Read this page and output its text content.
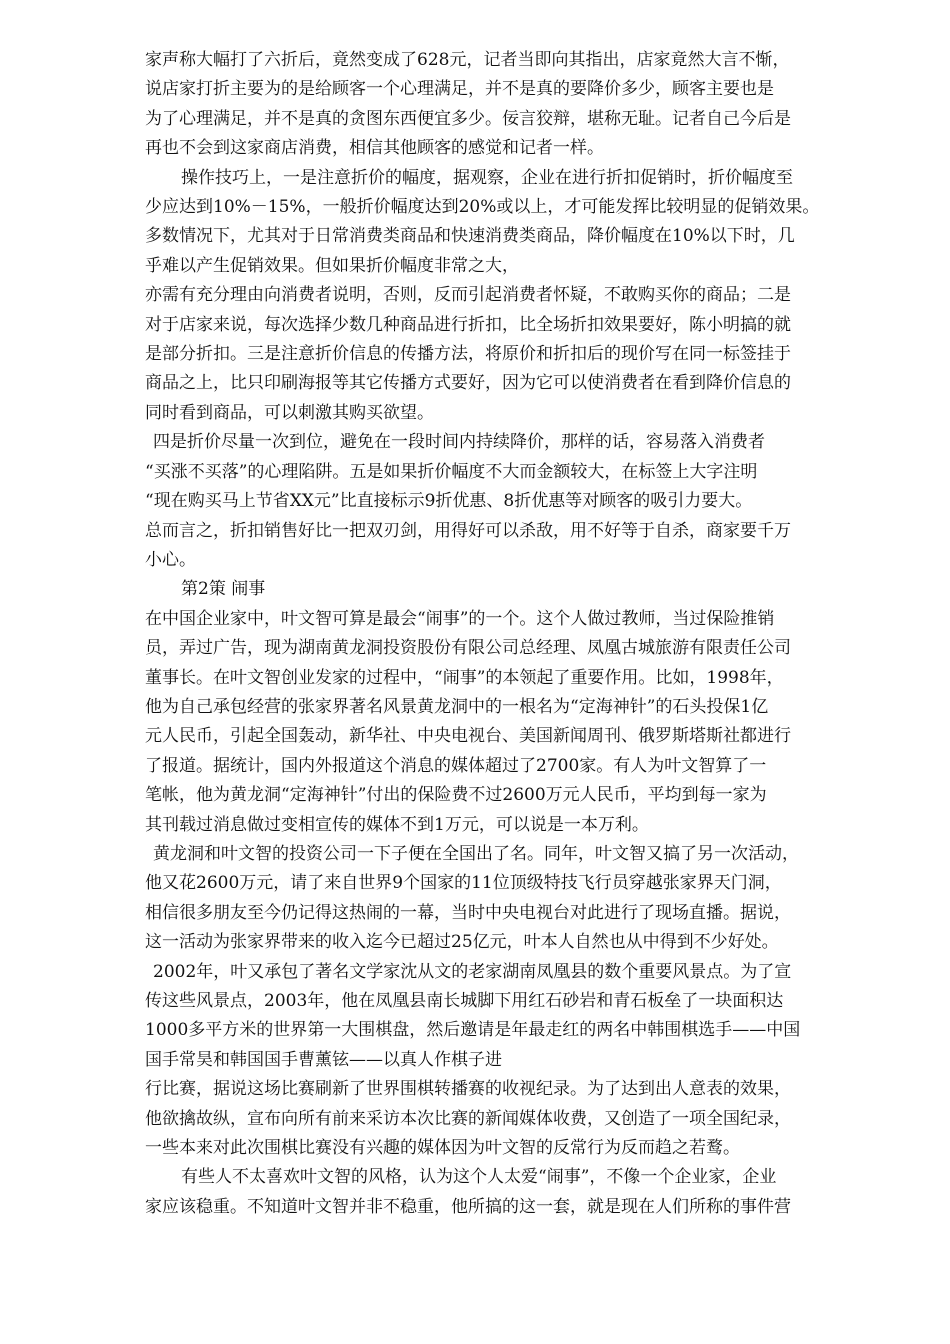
家声称大幅打了六折后，竟然变成了628元，记者当即向其指出，店家竟然大言不惭，
说店家打折主要为的是给顾客一个心理满足，并不是真的要降价多少，顾客主要也是
为了心理满足，并不是真的贪图东西便宜多少。佞言狡辩，堪称无耻。记者自己今后是
再也不会到这家商店消费，相信其他顾客的感觉和记者一样。
操作技巧上，一是注意折价的幅度，据观察，企业在进行折扣促销时，折价幅度至
少应达到10%－15%，一般折价幅度达到20%或以上，才可能发挥比较明显的促销效果。
多数情况下，尤其对于日常消费类商品和快速消费类商品，降价幅度在10%以下时，几
乎难以产生促销效果。但如果折价幅度非常之大，
亦需有充分理由向消费者说明，否则，反而引起消费者怀疑，不敢购买你的商品；二是
对于店家来说，每次选择少数几种商品进行折扣，比全场折扣效果要好，陈小明搞的就
是部分折扣。三是注意折价信息的传播方法，将原价和折扣后的现价写在同一标签挂于
商品之上，比只印刷海报等其它传播方式要好，因为它可以使消费者在看到降价信息的
同时看到商品，可以刺激其购买欲望。
四是折价尽量一次到位，避免在一段时间内持续降价，那样的话，容易落入消费者
“买涨不买落”的心理陷阱。五是如果折价幅度不大而金额较大，在标签上大字注明
“现在购买马上节省XX元”比直接标示9折优惠、8折优惠等对顾客的吸引力要大。
总而言之，折扣销售好比一把双刃剑，用得好可以杀敌，用不好等于自杀，商家要千万
小心。
第2策 闹事
在中国企业家中，叶文智可算是最会“闹事”的一个。这个人做过教师，当过保险推销
员，弄过广告，现为湖南黄龙洞投资股份有限公司总经理、凤凰古城旅游有限责任公司
董事长。在叶文智创业发家的过程中，“闹事”的本领起了重要作用。比如，1998年，
他为自己承包经营的张家界著名风景黄龙洞中的一根名为“定海神针”的石头投保1亿
元人民币，引起全国轰动，新华社、中央电视台、美国新闻周刊、俄罗斯塔斯社都进行
了报道。据统计，国内外报道这个消息的媒体超过了2700家。有人为叶文智算了一
笔帐，他为黄龙洞“定海神针”付出的保险费不过2600万元人民币，平均到每一家为
其刊载过消息做过变相宣传的媒体不到1万元，可以说是一本万利。
黄龙洞和叶文智的投资公司一下子便在全国出了名。同年，叶文智又搞了另一次活动，
他又花2600万元，请了来自世界9个国家的11位顶级特技飞行员穿越张家界天门洞，
相信很多朋友至今仍记得这热闹的一幕，当时中央电视台对此进行了现场直播。据说，
这一活动为张家界带来的收入迄今已超过25亿元，叶本人自然也从中得到不少好处。
2002年，叶又承包了著名文学家沈从文的老家湖南凤凰县的数个重要风景点。为了宣
传这些风景点，2003年，他在凤凰县南长城脚下用红石砂岩和青石板垒了一块面积达
1000多平方米的世界第一大围棋盘，然后邀请是年最走红的两名中韩围棋选手——中国
国手常昊和韩国国手曹薰铉——以真人作棋子进
行比赛，据说这场比赛刷新了世界围棋转播赛的收视纪录。为了达到出人意表的效果，
他欲擒故纵，宣布向所有前来采访本次比赛的新闻媒体收费，又创造了一项全国纪录，
一些本来对此次围棋比赛没有兴趣的媒体因为叶文智的反常行为反而趋之若鹜。
有些人不太喜欢叶文智的风格，认为这个人太爱“闹事”，不像一个企业家，企业
家应该稳重。不知道叶文智并非不稳重，他所搞的这一套，就是现在人们所称的事件营
